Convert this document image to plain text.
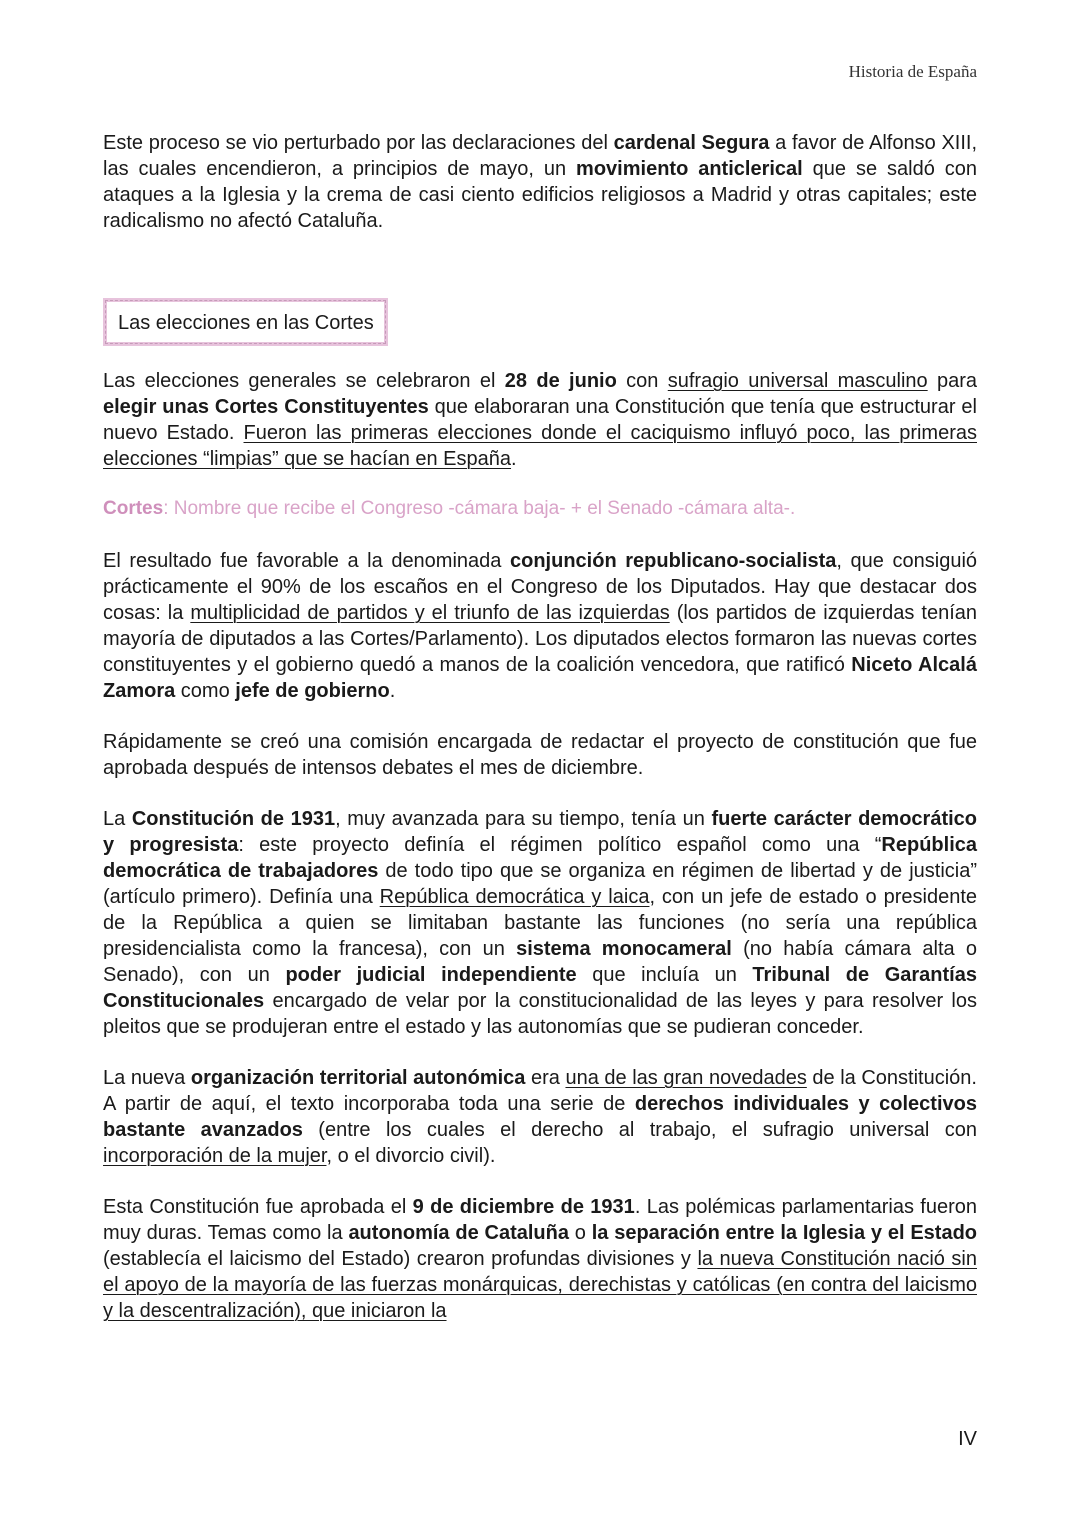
Historia de España

Este proceso se vio perturbado por las declaraciones del cardenal Segura a favor de Alfonso XIII, las cuales encendieron, a principios de mayo, un movimiento anticlerical que se saldó con ataques a la Iglesia y la crema de casi ciento edificios religiosos a Madrid y otras capitales; este radicalismo no afectó Cataluña.

Las elecciones en las Cortes

Las elecciones generales se celebraron el 28 de junio con sufragio universal masculino para elegir unas Cortes Constituyentes que elaboraran una Constitución que tenía que estructurar el nuevo Estado. Fueron las primeras elecciones donde el caciquismo influyó poco, las primeras elecciones “limpias” que se hacían en España.

Cortes: Nombre que recibe el Congreso -cámara baja- + el Senado -cámara alta-.

El resultado fue favorable a la denominada conjunción republicano-socialista, que consiguió prácticamente el 90% de los escaños en el Congreso de los Diputados. Hay que destacar dos cosas: la multiplicidad de partidos y el triunfo de las izquierdas (los partidos de izquierdas tenían mayoría de diputados a las Cortes/Parlamento). Los diputados electos formaron las nuevas cortes constituyentes y el gobierno quedó a manos de la coalición vencedora, que ratificó Niceto Alcalá Zamora como jefe de gobierno.

Rápidamente se creó una comisión encargada de redactar el proyecto de constitución que fue aprobada después de intensos debates el mes de diciembre.

La Constitución de 1931, muy avanzada para su tiempo, tenía un fuerte carácter democrático y progresista: este proyecto definía el régimen político español como una “República democrática de trabajadores de todo tipo que se organiza en régimen de libertad y de justicia” (artículo primero). Definía una República democrática y laica, con un jefe de estado o presidente de la República a quien se limitaban bastante las funciones (no sería una república presidencialista como la francesa), con un sistema monocameral (no había cámara alta o Senado), con un poder judicial independiente que incluía un Tribunal de Garantías Constitucionales encargado de velar por la constitucionalidad de las leyes y para resolver los pleitos que se produjeran entre el estado y las autonomías que se pudieran conceder.

La nueva organización territorial autonómica era una de las gran novedades de la Constitución. A partir de aquí, el texto incorporaba toda una serie de derechos individuales y colectivos bastante avanzados (entre los cuales el derecho al trabajo, el sufragio universal con incorporación de la mujer, o el divorcio civil).

Esta Constitución fue aprobada el 9 de diciembre de 1931. Las polémicas parlamentarias fueron muy duras. Temas como la autonomía de Cataluña o la separación entre la Iglesia y el Estado (establecía el laicismo del Estado) crearon profundas divisiones y la nueva Constitución nació sin el apoyo de la mayoría de las fuerzas monárquicas, derechistas y católicas (en contra del laicismo y la descentralización), que iniciaron la

IV
